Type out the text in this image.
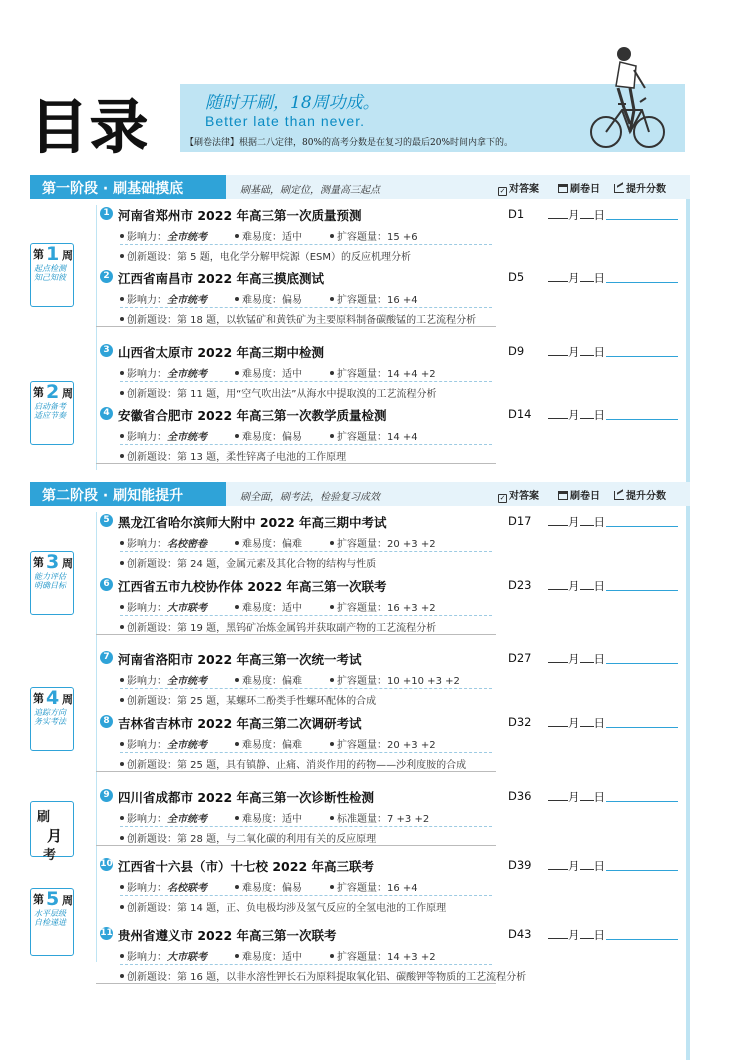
目录	随时开刷，18周功成。
Better late than never.
【刷卷法律】根据二八定律，80%的高考分数是在复习的最后20%时间内拿下的。
第一阶段 · 刷基础摸底	刷基础，刷定位，测量高三起点	✓ 对答案	刷卷日	提升分数
第二阶段 · 刷知能提升	刷全面，刷考法，检验复习成效	✓ 对答案	刷卷日	提升分数
第 1 周
起点检测知己知彼
第 2 周
启动备考适应节奏
第 3 周
能力评估明确目标
第 4 周
追踪方向务实考法
刷
月
考
第 5 周
水平层级自检递进
1 河南省郑州市 2022 年高三第一次质量预测	D1	月 日
影响力：全市统考	难易度：适中	扩容题量：15 +6
创新题设：第 5 题，电化学分解甲烷源（ESM）的反应机理分析
2 江西省南昌市 2022 年高三摸底测试	D5	月 日
影响力：全市统考	难易度：偏易	扩容题量：16 +4
创新题设：第 18 题，以软锰矿和黄铁矿为主要原料制备碳酸锰的工艺流程分析
3 山西省太原市 2022 年高三期中检测	D9	月 日
影响力：全市统考	难易度：适中	扩容题量：14 +4 +2
创新题设：第 11 题，用“空气吹出法”从海水中提取溴的工艺流程分析
4 安徽省合肥市 2022 年高三第一次教学质量检测	D14	月 日
影响力：全市统考	难易度：偏易	扩容题量：14 +4
创新题设：第 13 题，柔性锌离子电池的工作原理
5 黑龙江省哈尔滨师大附中 2022 年高三期中考试	D17	月 日
影响力：名校密卷	难易度：偏难	扩容题量：20 +3 +2
创新题设：第 24 题，金属元素及其化合物的结构与性质
6 江西省五市九校协作体 2022 年高三第一次联考	D23	月 日
影响力：大市联考	难易度：适中	扩容题量：16 +3 +2
创新题设：第 19 题，黑钨矿冶炼金属钨并获取副产物的工艺流程分析
7 河南省洛阳市 2022 年高三第一次统一考试	D27	月 日
影响力：全市统考	难易度：偏难	扩容题量：10 +10 +3 +2
创新题设：第 25 题，某螺环二酚类手性螺环配体的合成
8 吉林省吉林市 2022 年高三第二次调研考试	D32	月 日
影响力：全市统考	难易度：偏难	扩容题量：20 +3 +2
创新题设：第 25 题，具有镇静、止痛、消炎作用的药物——沙利度胺的合成
9 四川省成都市 2022 年高三第一次诊断性检测	D36	月 日
影响力：全市统考	难易度：适中	标准题量：7 +3 +2
创新题设：第 28 题，与二氧化碳的利用有关的反应原理
10 江西省十六县（市）十七校 2022 年高三联考	D39	月 日
影响力：名校联考	难易度：偏易	扩容题量：16 +4
创新题设：第 14 题，正、负电极均涉及氢气反应的全氢电池的工作原理
11 贵州省遵义市 2022 年高三第一次联考	D43	月 日
影响力：大市联考	难易度：适中	扩容题量：14 +3 +2
创新题设：第 16 题，以非水溶性钾长石为原料提取氧化铝、碳酸钾等物质的工艺流程分析
